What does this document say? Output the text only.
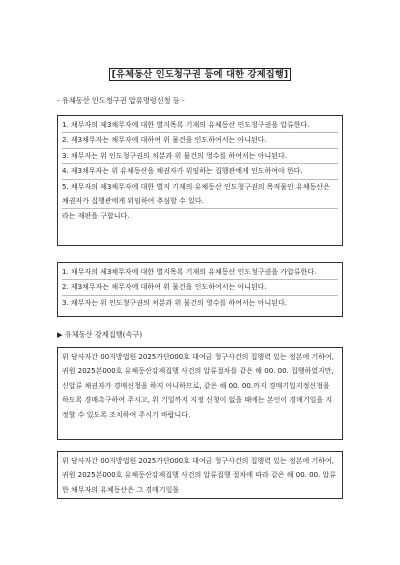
[유체동산 인도청구권 등에 대한 강제집행]
- 유체동산 인도청구권 압류명령신청 등 -

1. 채무자의 제3채무자에 대한 별지목록 기재의 유체동산 인도청구권을 압류한다.

2. 제3채무자는 채무자에 대하여 위 물건을 인도하여서는 아니된다.

3. 채무자는 위 인도청구권의 처분과 위 물건의 영수를 하여서는 아니된다.

4. 제3채무자는 위 유체동산을 채권자가 위임하는 집행관에게 인도하여야 한다.

5. 채무자의 제3채무자에 대한 별지 기재의 유체동산 인도청구권의 목적물인 유체동산은 채권자가 집행관에게 위임하여 추심할 수 있다.

라는 재판을 구합니다.

1. 채무자의 제3채무자에 대한 별지목록 기재의 유체동산 인도청구권을 가압류한다.

2. 제3채무자는 채무자에 대하여 위 물건을 인도하여서는 아니된다.

3. 채무자는 위 인도청구권의 처분과 위 물건의 영수를 하여서는 아니된다.

▶ 유체동산 강제집행(속구)

위 당사자간 00지방법원 2025가단000호 대여금 청구사건의 집행력 있는 정본에 기하여, 귀원 2025본000호 유체동산강제집행 사건의 압류절차를 같은 해 00. 00. 집행하였지만, 신압류 채권자가 경매신청을 하지 아니하므로, 같은 해 00. 00.까지 경매기일지정신청을 하도록 경매촉구하여 주시고, 위 기일까지 지정 신청이 없을 때에는 본인이 경매기일을 지정할 수 있도록 조치하여 주시기 바랍니다.

위 당사자간 00지방법원 2025가단000호 대여금 청구사건의 집행력 있는 정본에 기하여, 귀원 2025본000호 유체동산강제집행 사건의 압류집행 절차에 따라 같은 해 00. 00. 압류한 채무자의 유체동산은 그 경매기일을
